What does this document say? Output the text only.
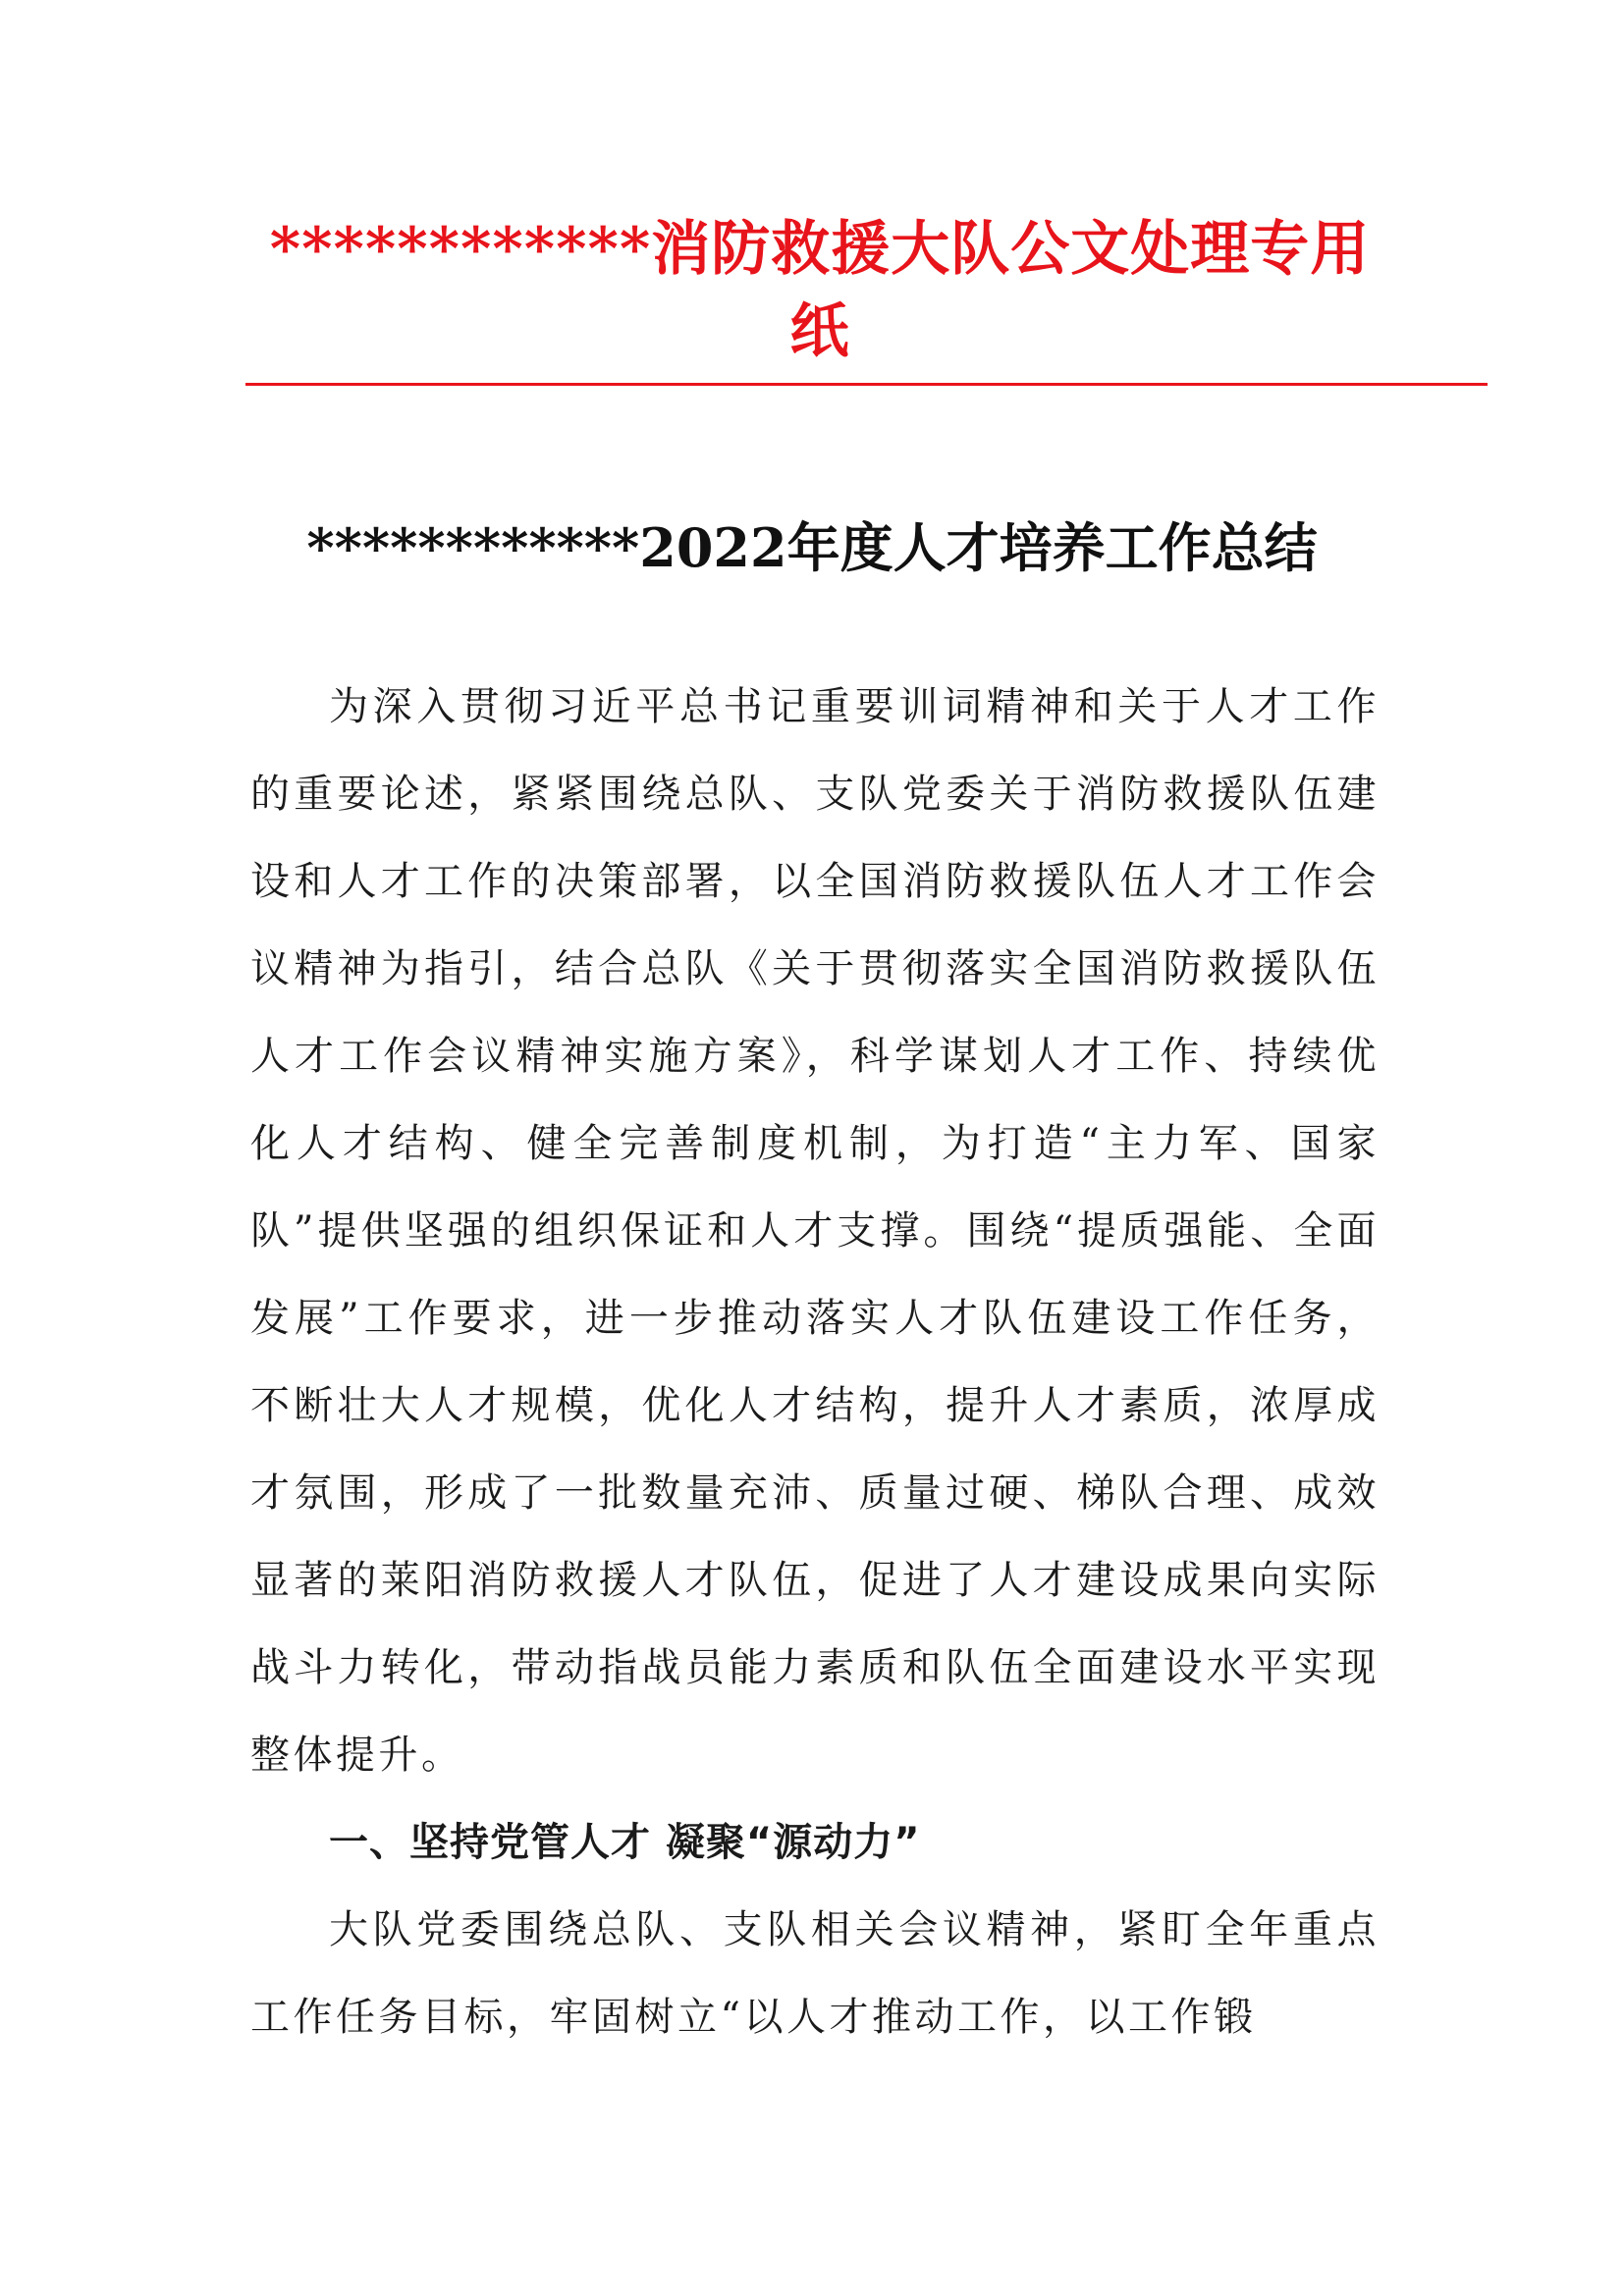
************消防救援大队公文处理专用纸
************2022年度人才培养工作总结

为深入贯彻习近平总书记重要训词精神和关于人才工作的重要论述，紧紧围绕总队、支队党委关于消防救援队伍建设和人才工作的决策部署，以全国消防救援队伍人才工作会议精神为指引，结合总队《关于贯彻落实全国消防救援队伍人才工作会议精神实施方案》，科学谋划人才工作、持续优化人才结构、健全完善制度机制，为打造“主力军、国家队”提供坚强的组织保证和人才支撑。围绕“提质强能、全面发展”工作要求，进一步推动落实人才队伍建设工作任务，不断壮大人才规模，优化人才结构，提升人才素质，浓厚成才氛围，形成了一批数量充沛、质量过硬、梯队合理、成效显著的莱阳消防救援人才队伍，促进了人才建设成果向实际战斗力转化，带动指战员能力素质和队伍全面建设水平实现整体提升。

一、坚持党管人才 凝聚“源动力”

大队党委围绕总队、支队相关会议精神，紧盯全年重点工作任务目标，牢固树立“以人才推动工作，以工作锻
